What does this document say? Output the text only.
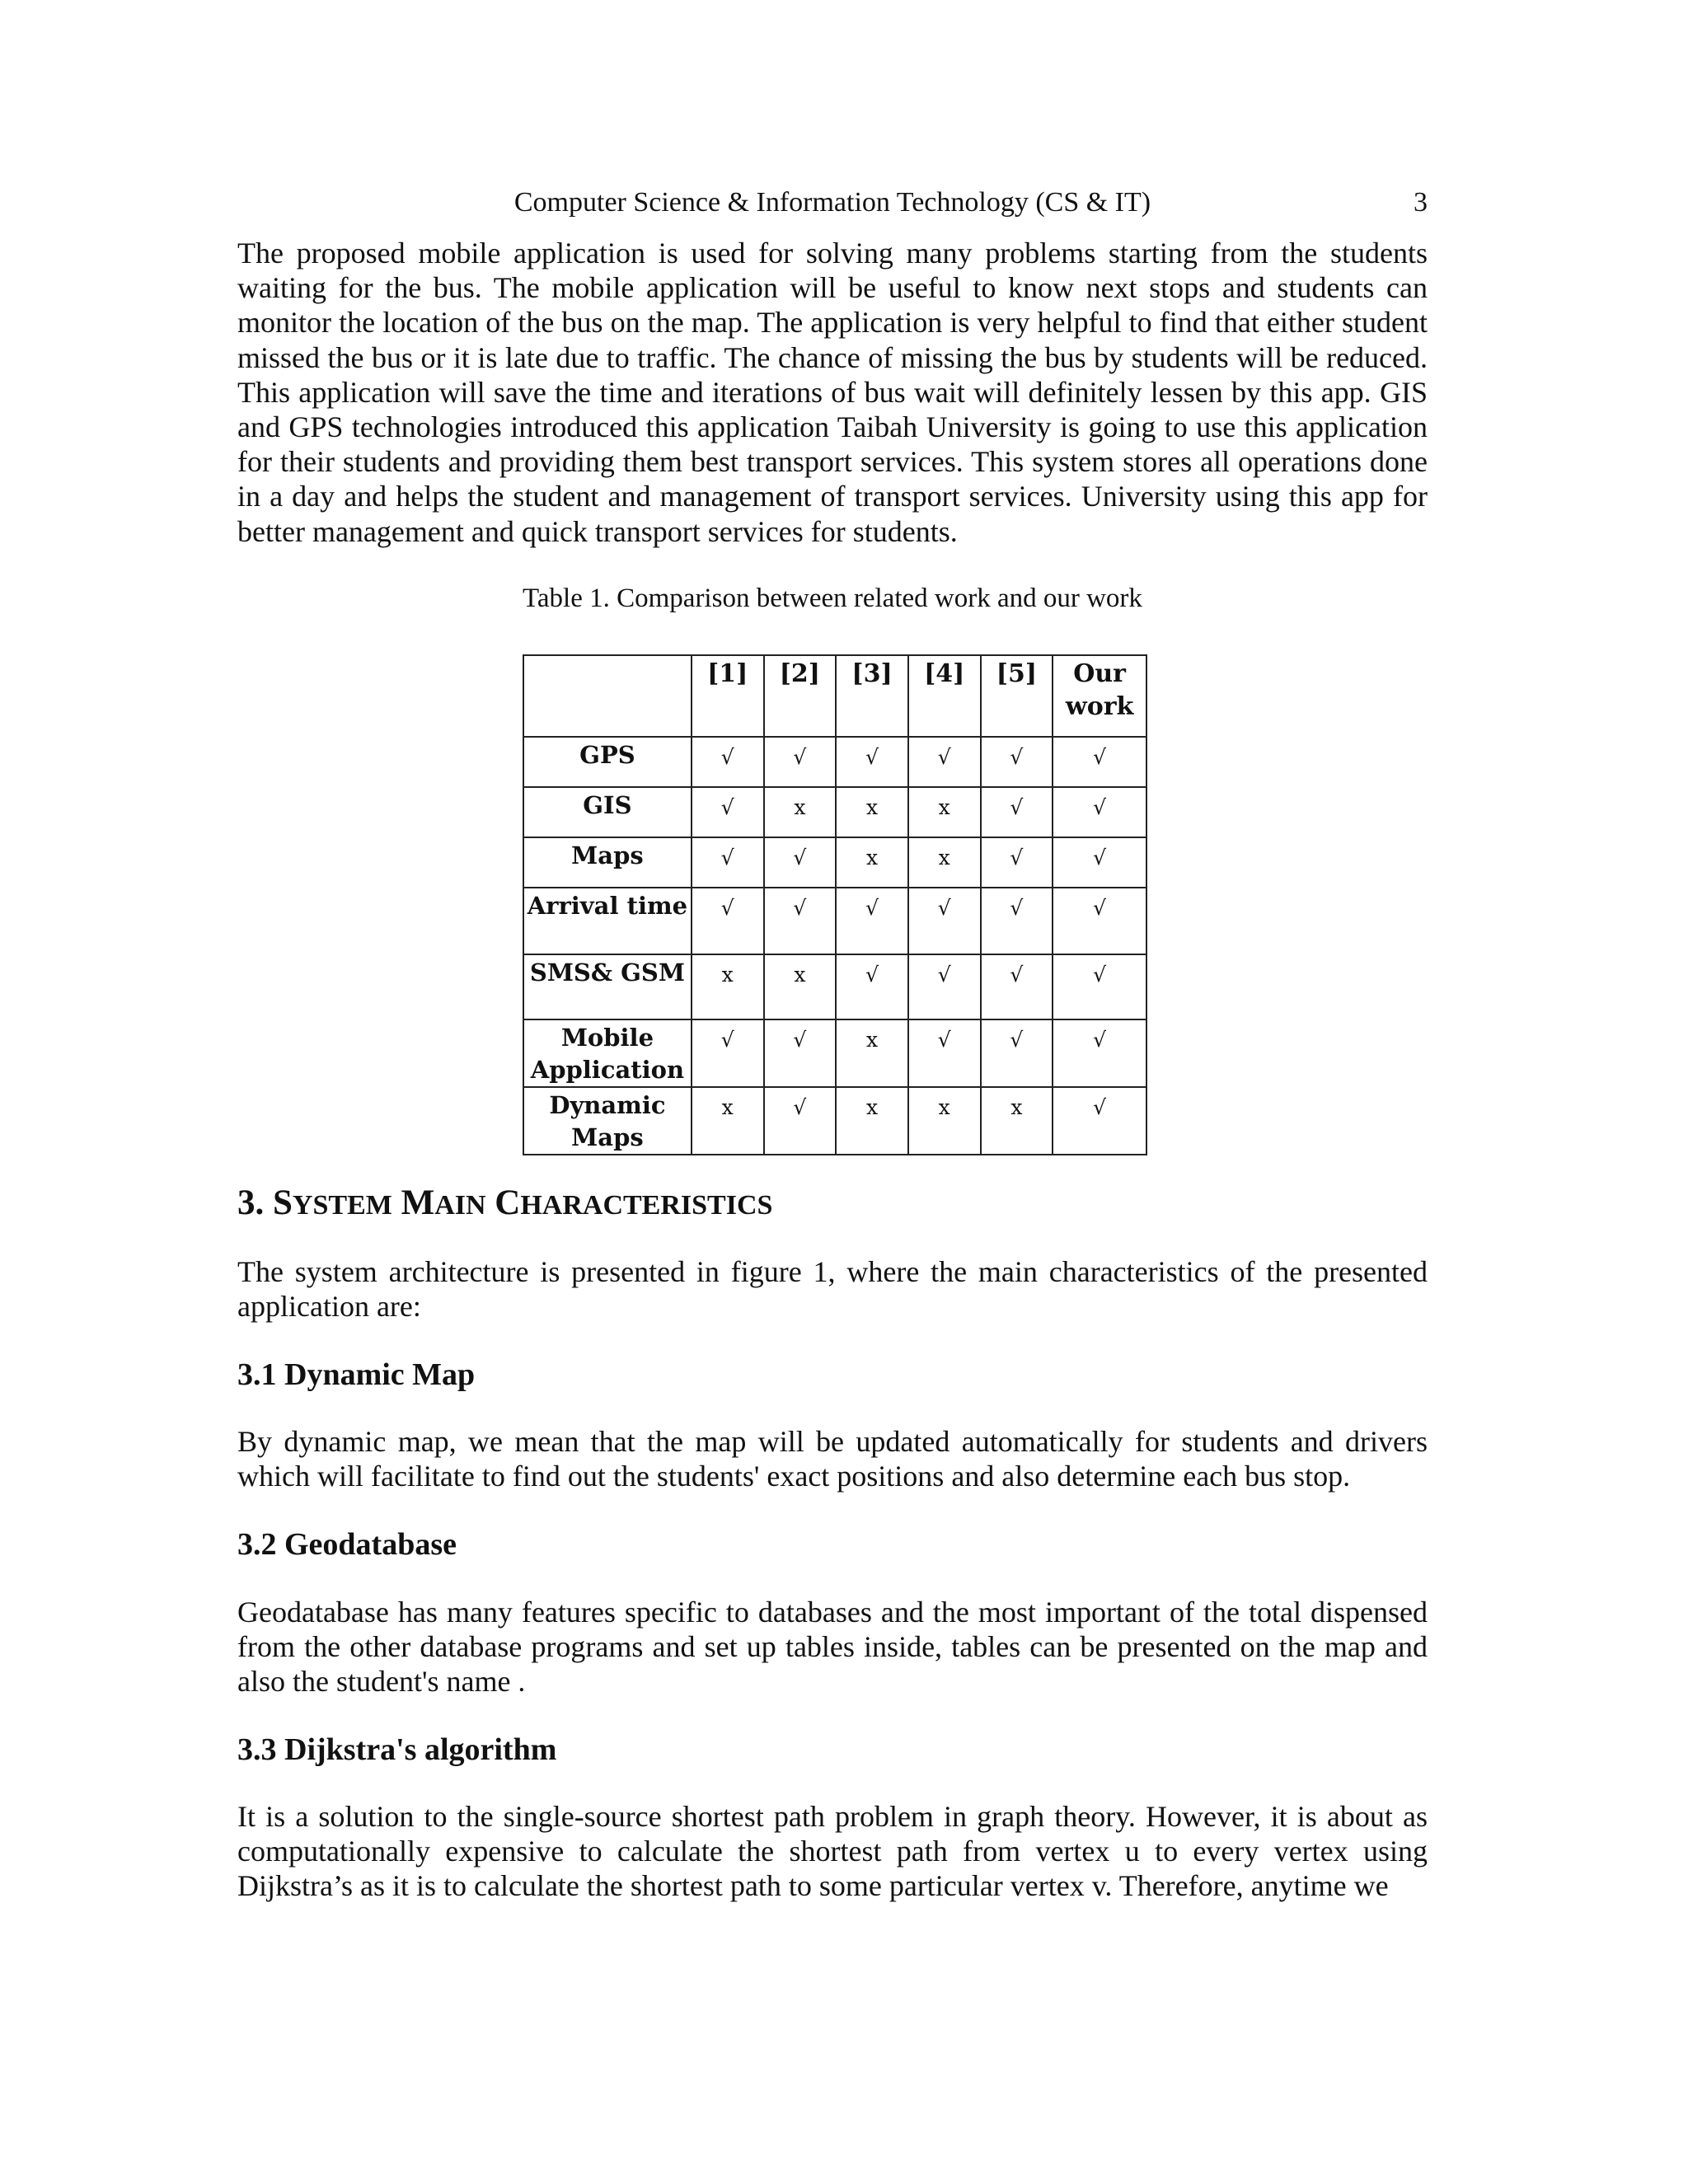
Computer Science & Information Technology (CS & IT)	3

The proposed mobile application is used for solving many problems starting from the students waiting for the bus. The mobile application will be useful to know next stops and students can monitor the location of the bus on the map. The application is very helpful to find that either student missed the bus or it is late due to traffic. The chance of missing the bus by students will be reduced. This application will save the time and iterations of bus wait will definitely lessen by this app. GIS and GPS technologies introduced this application Taibah University is going to use this application for their students and providing them best transport services. This system stores all operations done in a day and helps the student and management of transport services. University using this app for better management and quick transport services for students.

Table 1. Comparison between related work and our work

	[1]	[2]	[3]	[4]	[5]	Our work
GPS	√	√	√	√	√	√
GIS	√	x	x	x	√	√
Maps	√	√	x	x	√	√
Arrival time	√	√	√	√	√	√
SMS& GSM	x	x	√	√	√	√
Mobile Application	√	√	x	√	√	√
Dynamic Maps	x	√	x	x	x	√
3. SYSTEM MAIN CHARACTERISTICS

The system architecture is presented in figure 1, where the main characteristics of the presented application are:

3.1 Dynamic Map

By dynamic map, we mean that the map will be updated automatically for students and drivers which will facilitate to find out the students' exact positions and also determine each bus stop.

3.2 Geodatabase

Geodatabase has many features specific to databases and the most important of the total dispensed from the other database programs and set up tables inside, tables can be presented on the map and also the student's name .

3.3 Dijkstra's algorithm

It is a solution to the single-source shortest path problem in graph theory. However, it is about as computationally expensive to calculate the shortest path from vertex u to every vertex using Dijkstra’s as it is to calculate the shortest path to some particular vertex v. Therefore, anytime we
